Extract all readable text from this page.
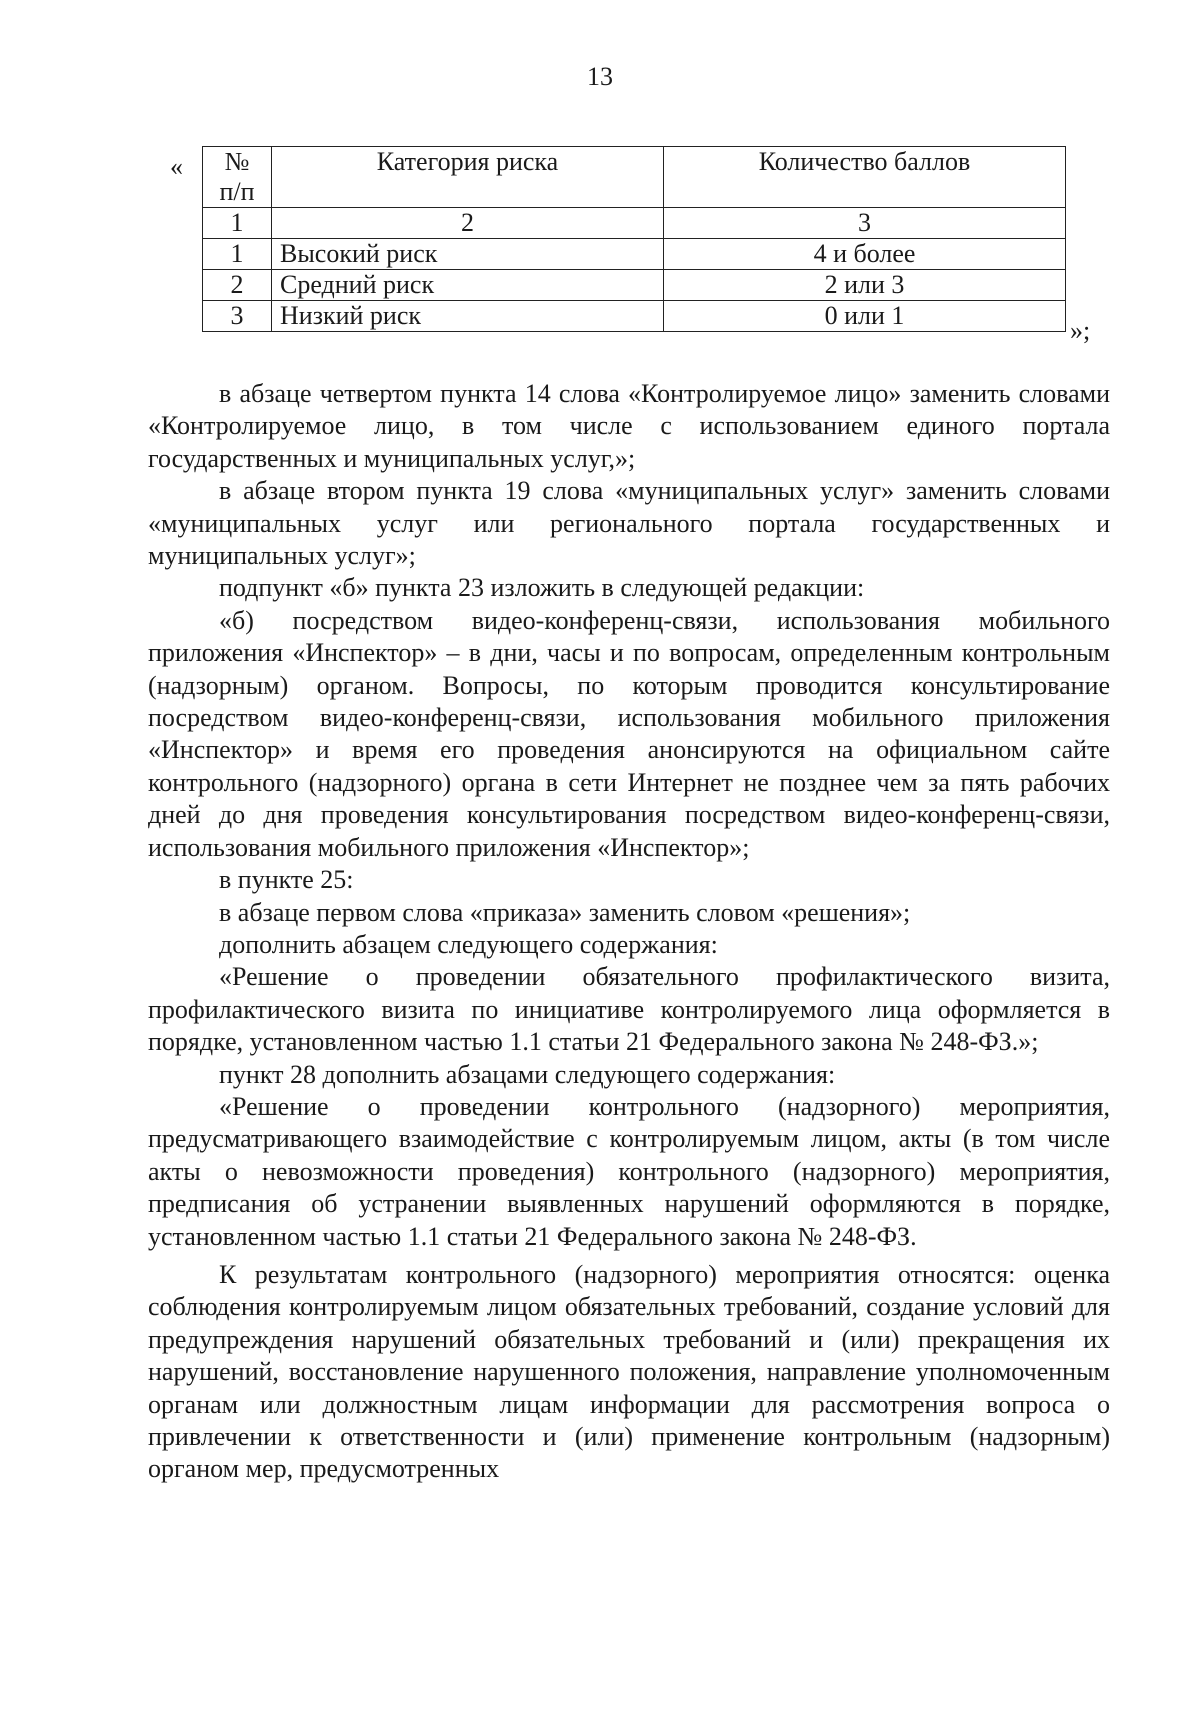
13
« № п/п	Категория риска	Количество баллов
1	2	3
1	Высокий риск	4 и более
2	Средний риск	2 или 3
3	Низкий риск	0 или 1
»;

в абзаце четвертом пункта 14 слова «Контролируемое лицо» заменить словами «Контролируемое лицо, в том числе с использованием единого портала государственных и муниципальных услуг,»;

в абзаце втором пункта 19 слова «муниципальных услуг» заменить словами «муниципальных услуг или регионального портала государственных и муниципальных услуг»;

подпункт «б» пункта 23 изложить в следующей редакции:

«б) посредством видео-конференц-связи, использования мобильного приложения «Инспектор» – в дни, часы и по вопросам, определенным контрольным (надзорным) органом. Вопросы, по которым проводится консультирование посредством видео-конференц-связи, использования мобильного приложения «Инспектор» и время его проведения анонсируются на официальном сайте контрольного (надзорного) органа в сети Интернет не позднее чем за пять рабочих дней до дня проведения консультирования посредством видео-конференц-связи, использования мобильного приложения «Инспектор»;

в пункте 25:

в абзаце первом слова «приказа» заменить словом «решения»;

дополнить абзацем следующего содержания:

«Решение о проведении обязательного профилактического визита, профилактического визита по инициативе контролируемого лица оформляется в порядке, установленном частью 1.1 статьи 21 Федерального закона № 248-ФЗ.»;

пункт 28 дополнить абзацами следующего содержания:

«Решение о проведении контрольного (надзорного) мероприятия, предусматривающего взаимодействие с контролируемым лицом, акты (в том числе акты о невозможности проведения) контрольного (надзорного) мероприятия, предписания об устранении выявленных нарушений оформляются в порядке, установленном частью 1.1 статьи 21 Федерального закона № 248-ФЗ.

К результатам контрольного (надзорного) мероприятия относятся: оценка соблюдения контролируемым лицом обязательных требований, создание условий для предупреждения нарушений обязательных требований и (или) прекращения их нарушений, восстановление нарушенного положения, направление уполномоченным органам или должностным лицам информации для рассмотрения вопроса о привлечении к ответственности и (или) применение контрольным (надзорным) органом мер, предусмотренных
